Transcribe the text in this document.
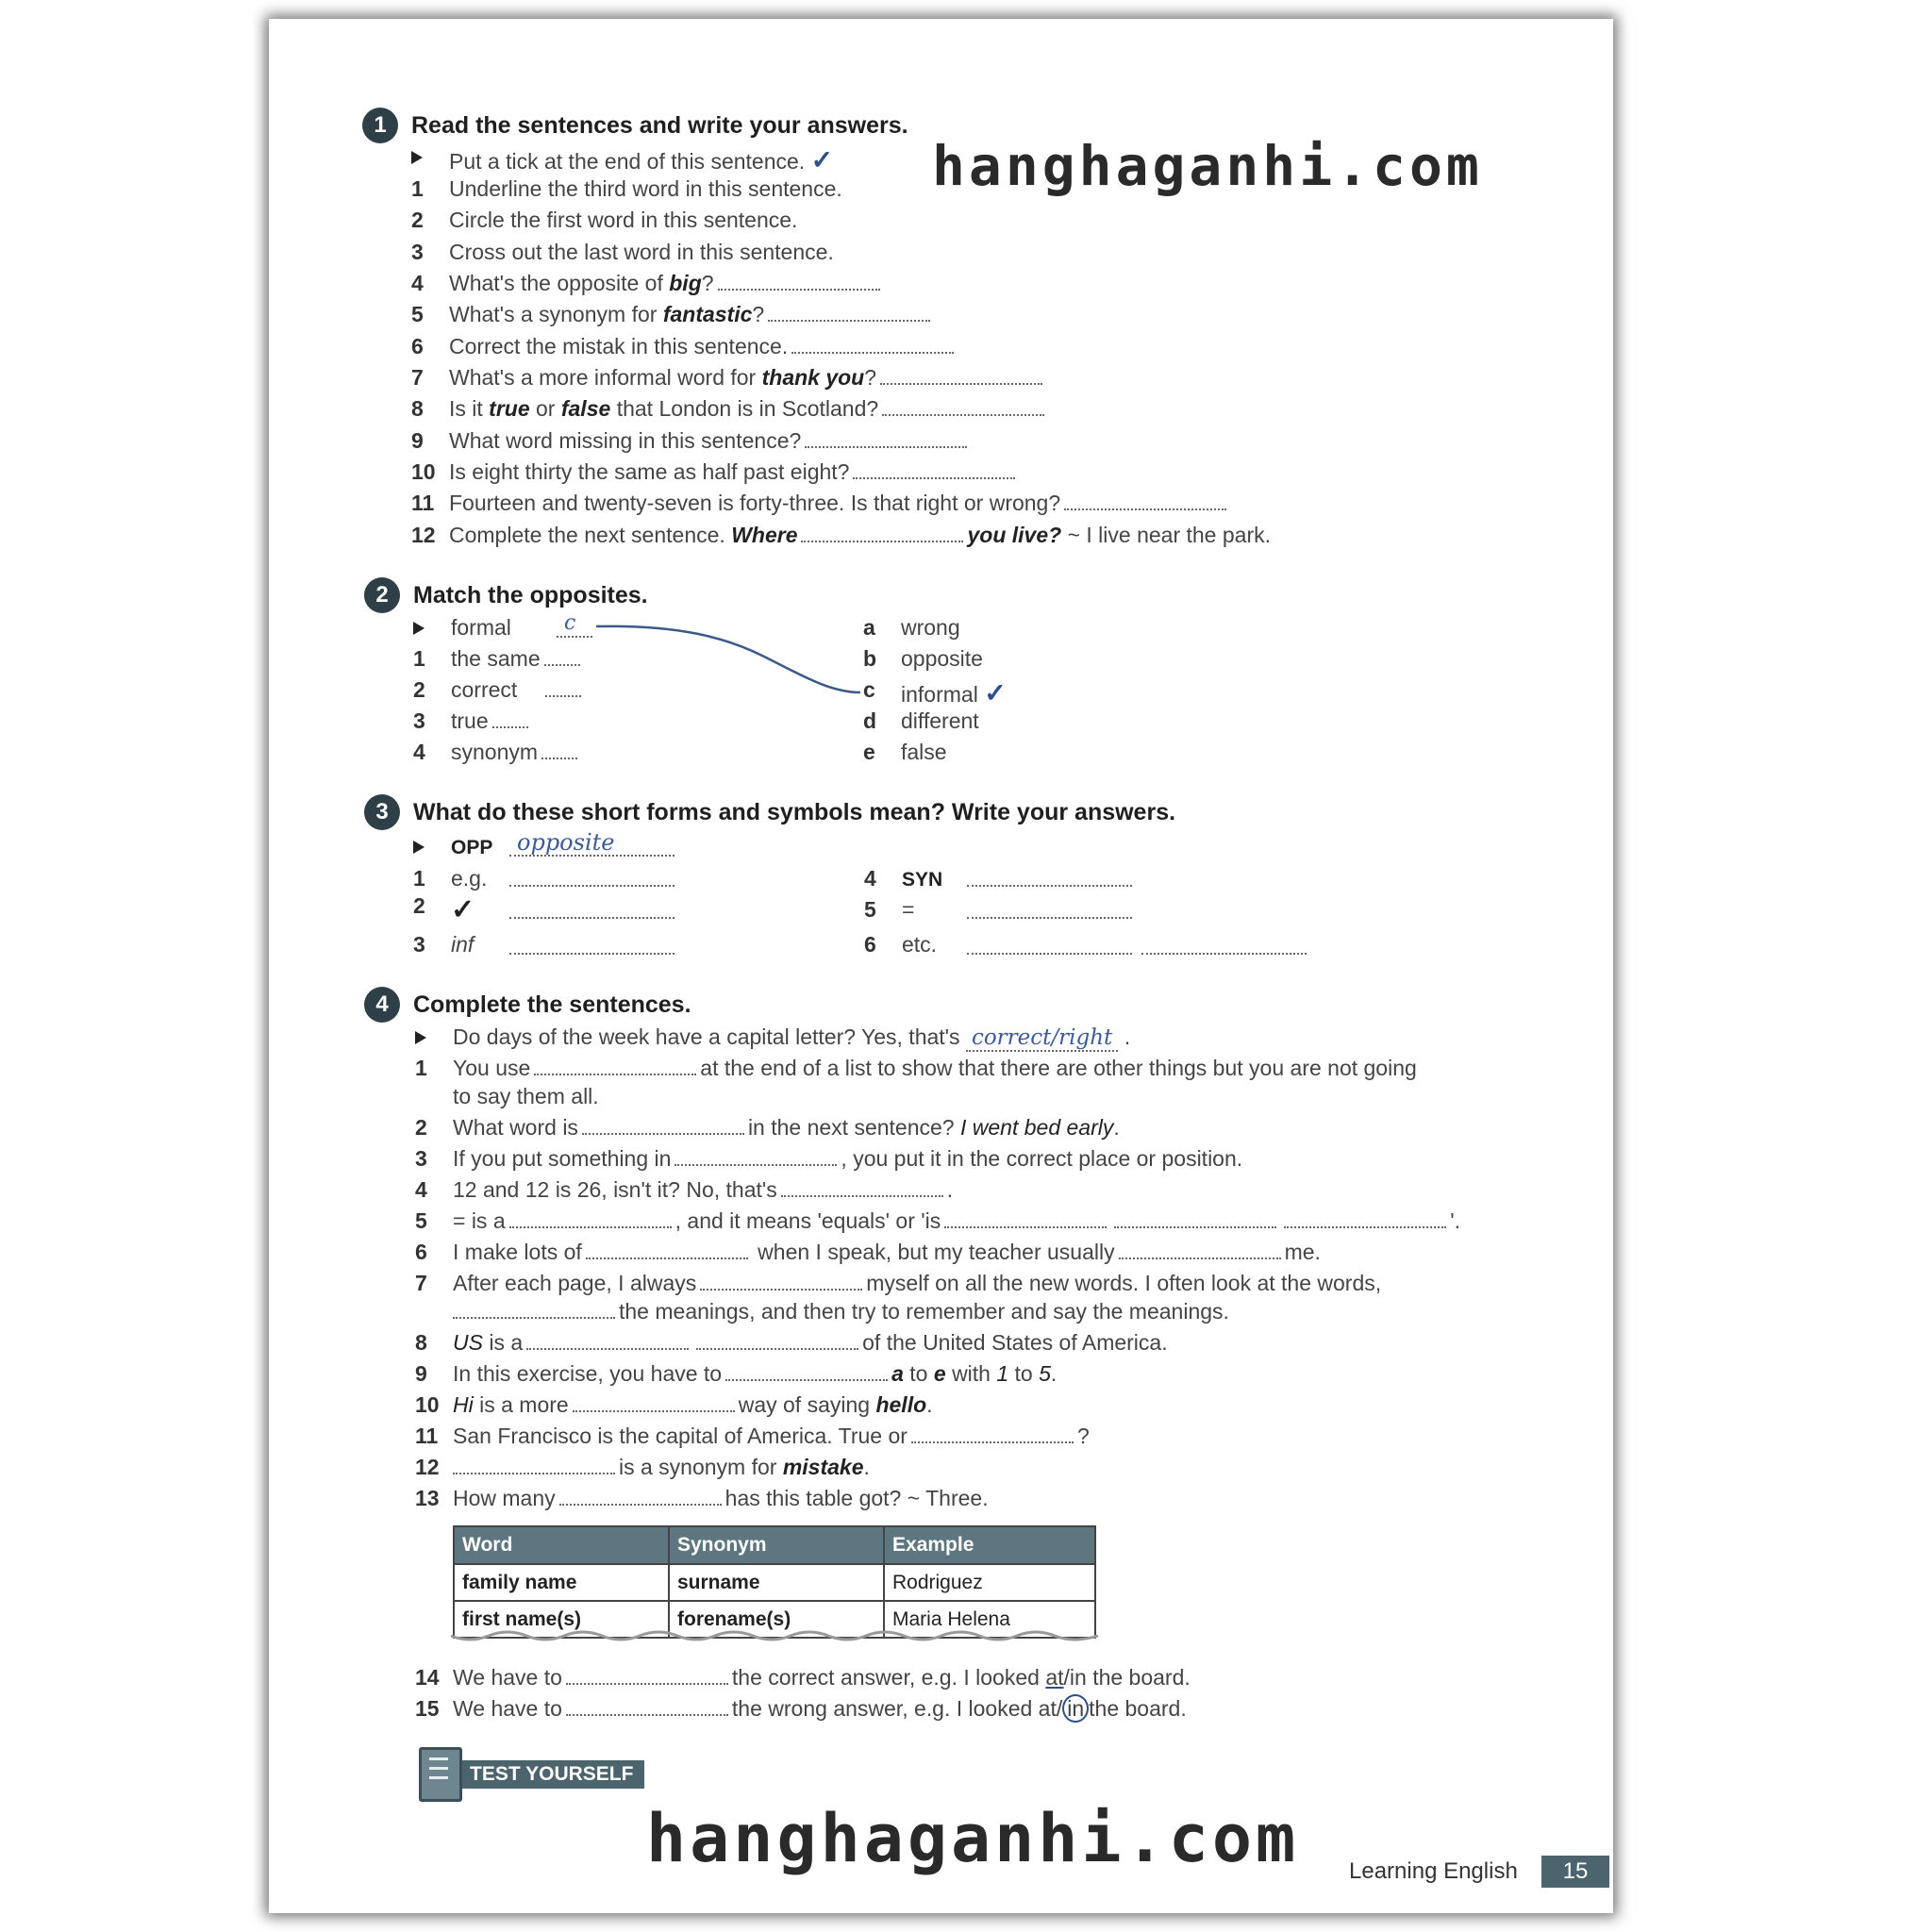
1	Read the sentences and write your answers.
Put a tick at the end of this sentence. ✓
1	Underline the third word in this sentence.
2	Circle the first word in this sentence.
3	Cross out the last word in this sentence.
4	What's the opposite of big?
5	What's a synonym for fantastic?
6	Correct the mistak in this sentence.
7	What's a more informal word for thank you?
8	Is it true or false that London is in Scotland?
9	What word missing in this sentence?
10 Is eight thirty the same as half past eight?
11 Fourteen and twenty-seven is forty-three. Is that right or wrong?
12 Complete the next sentence. Where	you live? ~ I live near the park.
hanghaganhi.com
2	Match the opposites.
formal	c
1	the same
2	correct
3	true
4	synonym
a	wrong
b	opposite
c	informal ✓
d	different
e	false
3	What do these short forms and symbols mean? Write your answers.
OPP opposite
1	e.g.
2 ✓
3	inf
4	SYN
5	=
6	etc.
4	Complete the sentences.
Do days of the week have a capital letter? Yes, that's correct/right .
1	You use	at the end of a list to show that there are other things but you are not going
to say them all.
2	What word is	in the next sentence? I went bed early.
3	If you put something in	, you put it in the correct place or position.
4	12 and 12 is 26, isn't it? No, that's	.
5	= is a	, and it means 'equals' or 'is	'.
6	I make lots of	when I speak, but my teacher usually	me.
7	After each page, I always	myself on all the new words. I often look at the words,
the meanings, and then try to remember and say the meanings.
8	US is a	of the United States of America.
9	In this exercise, you have to	a to e with 1 to 5.
10 Hi is a more	way of saying hello.
11 San Francisco is the capital of America. True or	?
12	is a synonym for mistake.
13 How many	has this table got? ~ Three.
Word	Synonym	Example
family name	surname	Rodriguez
first name(s)	forename(s)	Maria Helena
14 We have to	the correct answer, e.g. I looked at/in the board.
15 We have to	the wrong answer, e.g. I looked at/ in the board.
TEST YOURSELF
hanghaganhi.com Learning English	15
